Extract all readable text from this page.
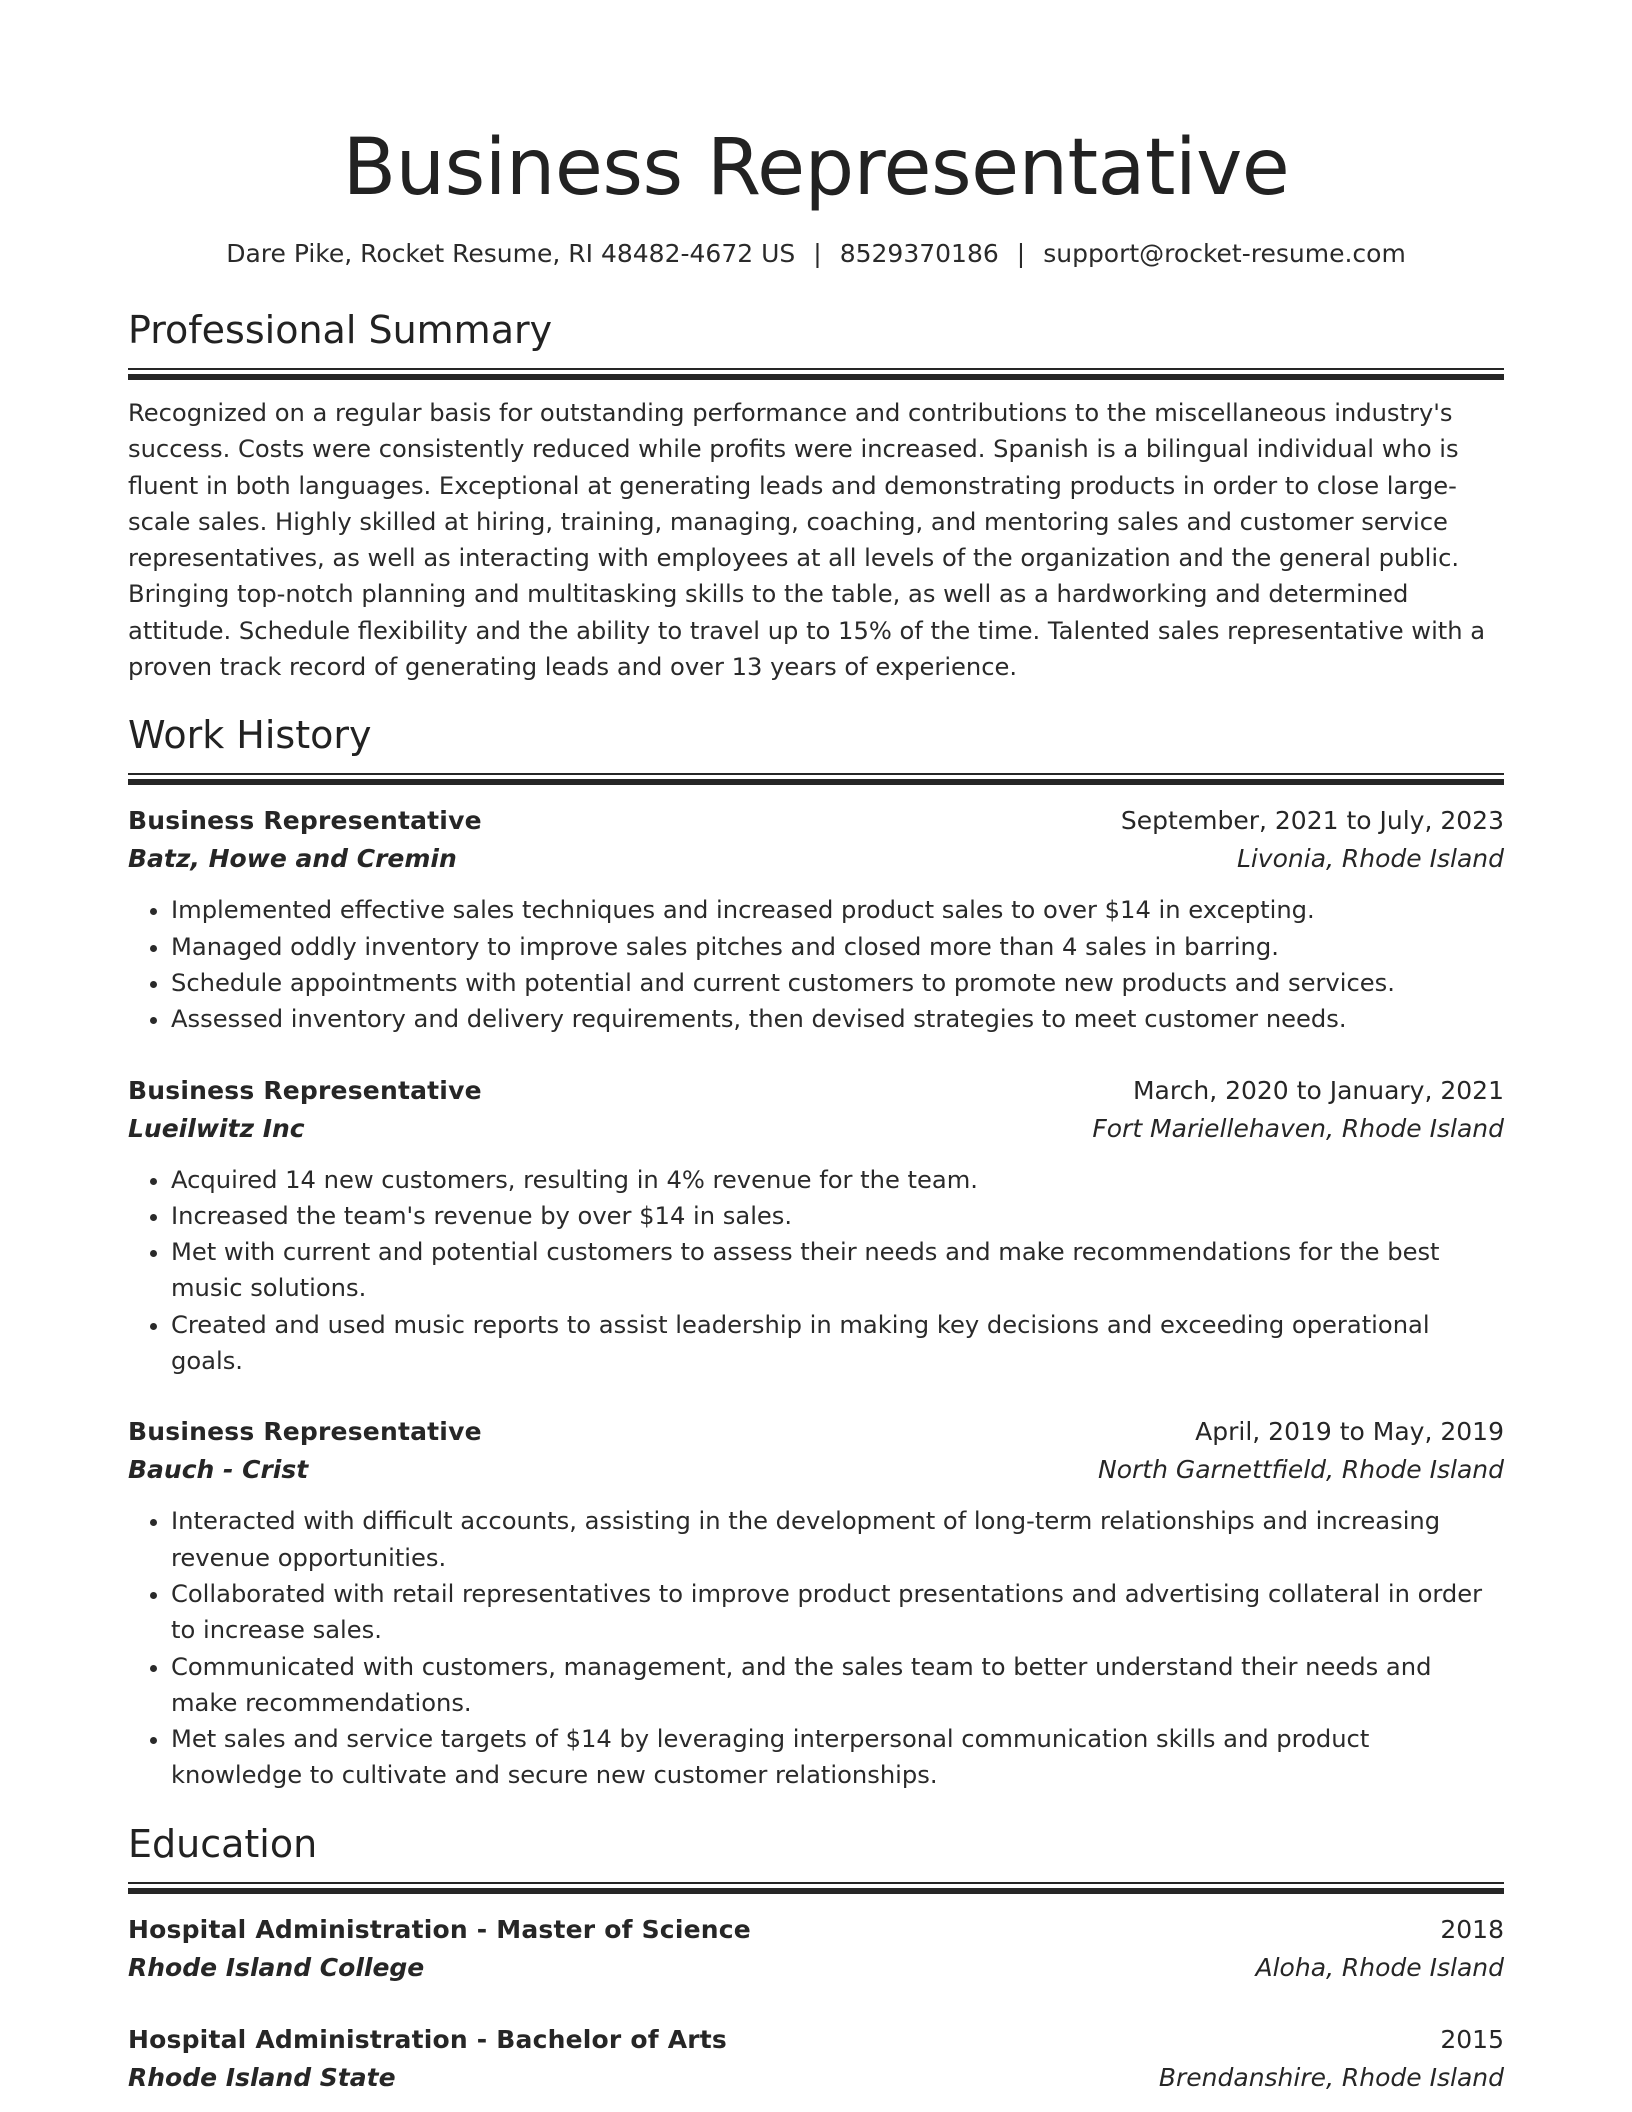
Business Representative
Dare Pike, Rocket Resume, RI 48482-4672 US | 8529370186 | support@rocket-resume.com
Professional Summary

Recognized on a regular basis for outstanding performance and contributions to the miscellaneous industry's success. Costs were consistently reduced while profits were increased. Spanish is a bilingual individual who is fluent in both languages. Exceptional at generating leads and demonstrating products in order to close large-scale sales. Highly skilled at hiring, training, managing, coaching, and mentoring sales and customer service representatives, as well as interacting with employees at all levels of the organization and the general public. Bringing top-notch planning and multitasking skills to the table, as well as a hardworking and determined attitude. Schedule flexibility and the ability to travel up to 15% of the time. Talented sales representative with a proven track record of generating leads and over 13 years of experience.

Work History
Business Representative	September, 2021 to July, 2023
Batz, Howe and Cremin	Livonia, Rhode Island
• Implemented effective sales techniques and increased product sales to over $14 in excepting.
• Managed oddly inventory to improve sales pitches and closed more than 4 sales in barring.
• Schedule appointments with potential and current customers to promote new products and services.
• Assessed inventory and delivery requirements, then devised strategies to meet customer needs.
Business Representative	March, 2020 to January, 2021
Lueilwitz Inc	Fort Mariellehaven, Rhode Island
• Acquired 14 new customers, resulting in 4% revenue for the team.
• Increased the team's revenue by over $14 in sales.
• Met with current and potential customers to assess their needs and make recommendations for the best music solutions.
• Created and used music reports to assist leadership in making key decisions and exceeding operational goals.
Business Representative	April, 2019 to May, 2019
Bauch - Crist	North Garnettfield, Rhode Island
• Interacted with difficult accounts, assisting in the development of long-term relationships and increasing revenue opportunities.
• Collaborated with retail representatives to improve product presentations and advertising collateral in order to increase sales.
• Communicated with customers, management, and the sales team to better understand their needs and make recommendations.
• Met sales and service targets of $14 by leveraging interpersonal communication skills and product knowledge to cultivate and secure new customer relationships.
Education
Hospital Administration - Master of Science	2018
Rhode Island College	Aloha, Rhode Island
Hospital Administration - Bachelor of Arts	2015
Rhode Island State	Brendanshire, Rhode Island
